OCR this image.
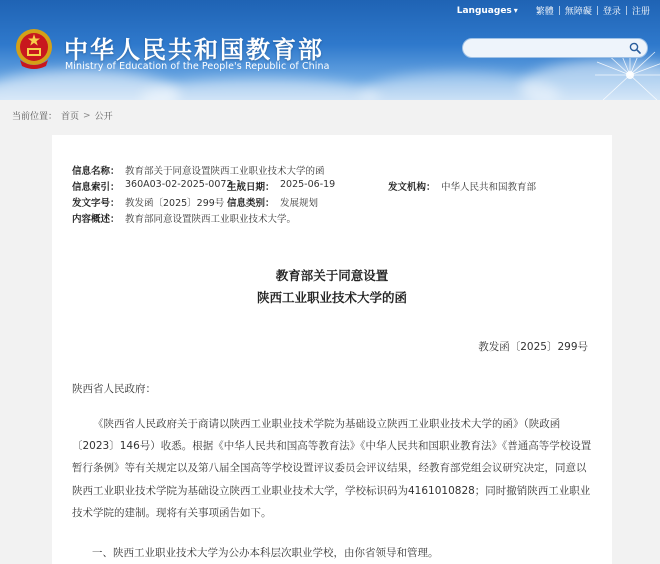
Languages ▾	繁體 | 無障礙 | 登录 | 注册
中华人民共和国教育部
Ministry of Education of the People's Republic of China
当前位置： 首页 > 公开
信息名称： 教育部关于同意设置陕西工业职业技术大学的函
信息索引： 360A03-02-2025-0072-1
生成日期： 2025-06-19	发文机构： 中华人民共和国教育部
发文字号： 教发函〔2025〕299号 信息类别： 发展规划
内容概述： 教育部同意设置陕西工业职业技术大学。
教育部关于同意设置
陕西工业职业技术大学的函
教发函〔2025〕299号
陕西省人民政府：
《陕西省人民政府关于商请以陕西工业职业技术学院为基础设立陕西工业职业技术大学的函》（陕政函〔2023〕146号）收悉。根据《中华人民共和国高等教育法》《中华人民共和国职业教育法》《普通高等学校设置暂行条例》等有关规定以及第八届全国高等学校设置评议委员会评议结果，经教育部党组会议研究决定，同意以陕西工业职业技术学院为基础设立陕西工业职业技术大学，学校标识码为4161010828；同时撤销陕西工业职业技术学院的建制。现将有关事项函告如下。
一、陕西工业职业技术大学为公办本科层次职业学校，由你省领导和管理。
